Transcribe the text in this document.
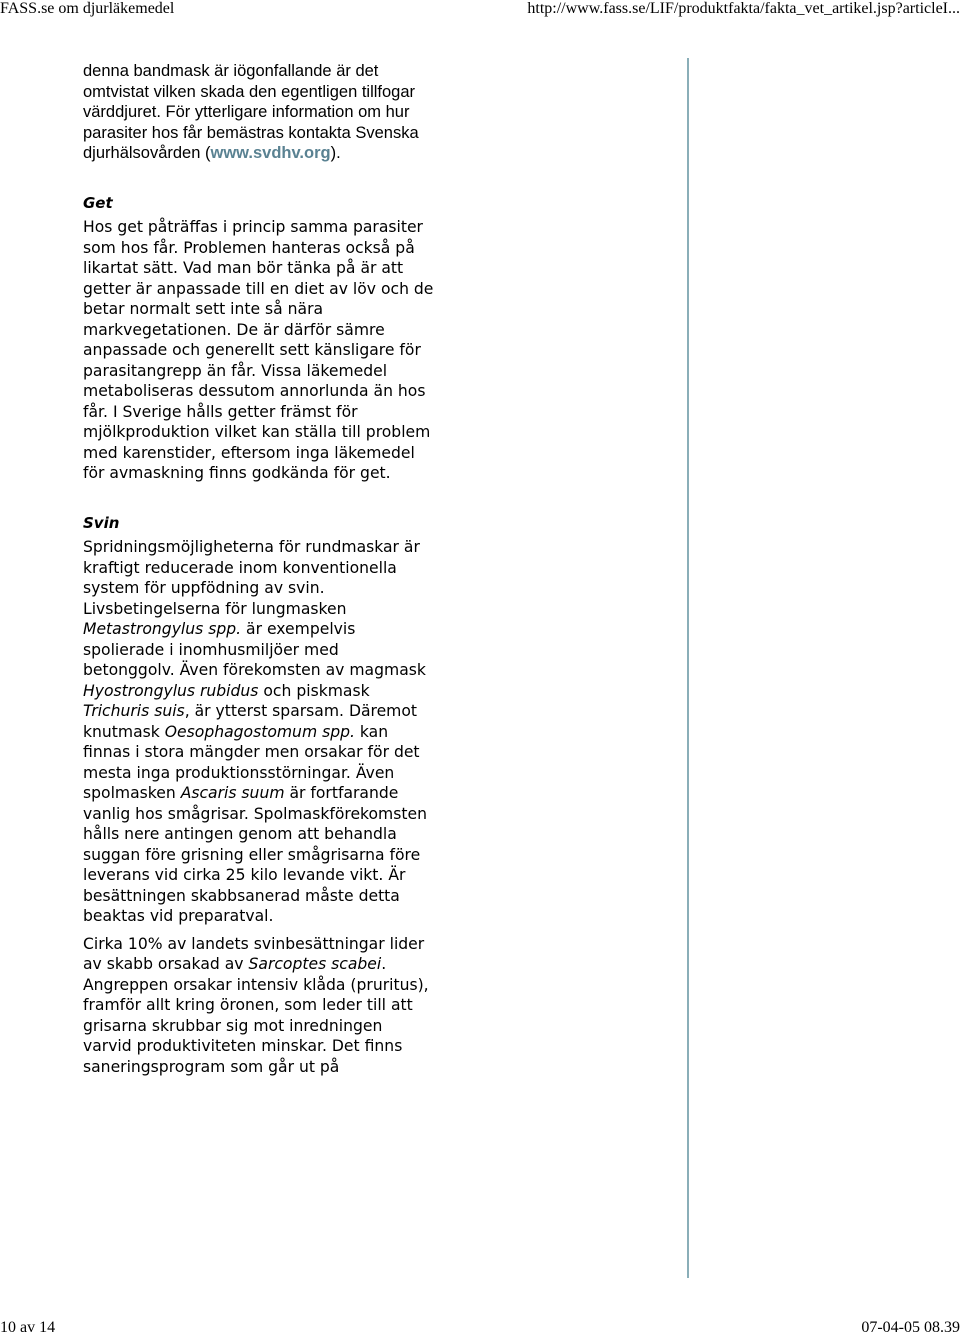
FASS.se om djurläkemedel	http://www.fass.se/LIF/produktfakta/fakta_vet_artikel.jsp?articleI...

denna bandmask är iögonfallande är det omtvistat vilken skada den egentligen tillfogar värddjuret. För ytterligare information om hur parasiter hos får bemästras kontakta Svenska djurhälsovården (www.svdhv.org).

Get

Hos get påträffas i princip samma parasiter som hos får. Problemen hanteras också på likartat sätt. Vad man bör tänka på är att getter är anpassade till en diet av löv och de betar normalt sett inte så nära markvegetationen. De är därför sämre anpassade och generellt sett känsligare för parasitangrepp än får. Vissa läkemedel metaboliseras dessutom annorlunda än hos får. I Sverige hålls getter främst för mjölkproduktion vilket kan ställa till problem med karenstider, eftersom inga läkemedel för avmaskning finns godkända för get.

Svin

Spridningsmöjligheterna för rundmaskar är kraftigt reducerade inom konventionella system för uppfödning av svin. Livsbetingelserna för lungmasken Metastrongylus spp. är exempelvis spolierade i inomhusmiljöer med betonggolv. Även förekomsten av magmask Hyostrongylus rubidus och piskmask Trichuris suis, är ytterst sparsam. Däremot knutmask Oesophagostomum spp. kan finnas i stora mängder men orsakar för det mesta inga produktionsstörningar. Även spolmasken Ascaris suum är fortfarande vanlig hos smågrisar. Spolmaskförekomsten hålls nere antingen genom att behandla suggan före grisning eller smågrisarna före leverans vid cirka 25 kilo levande vikt. Är besättningen skabbsanerad måste detta beaktas vid preparatval.

Cirka 10% av landets svinbesättningar lider av skabb orsakad av Sarcoptes scabei. Angreppen orsakar intensiv klåda (pruritus), framför allt kring öronen, som leder till att grisarna skrubbar sig mot inredningen varvid produktiviteten minskar. Det finns saneringsprogram som går ut på

10 av 14	07-04-05 08.39
